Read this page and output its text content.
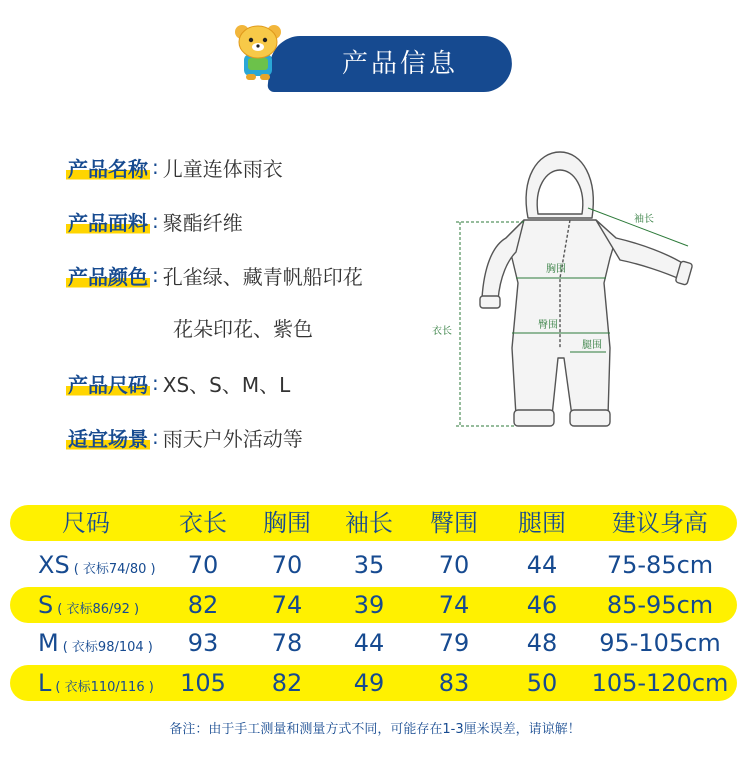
产品信息
产品名称 : 儿童连体雨衣
产品面料 : 聚酯纤维
产品颜色 : 孔雀绿、藏青帆船印花
花朵印花、紫色
产品尺码 : XS、S、M、L
适宜场景 : 雨天户外活动等
衣长
胸围
臀围
腿围
袖长
尺码	衣长	胸围	袖长	臀围	腿围	建议身高
XS ( 衣标74/80 )	70	70	35	70	44	75-85cm
S ( 衣标86/92 )	82	74	39	74	46	85-95cm
M ( 衣标98/104 )	93	78	44	79	48	95-105cm
L ( 衣标110/116 )	105	82	49	83	50	105-120cm
备注：由于手工测量和测量方式不同，可能存在1-3厘米误差，请谅解！
